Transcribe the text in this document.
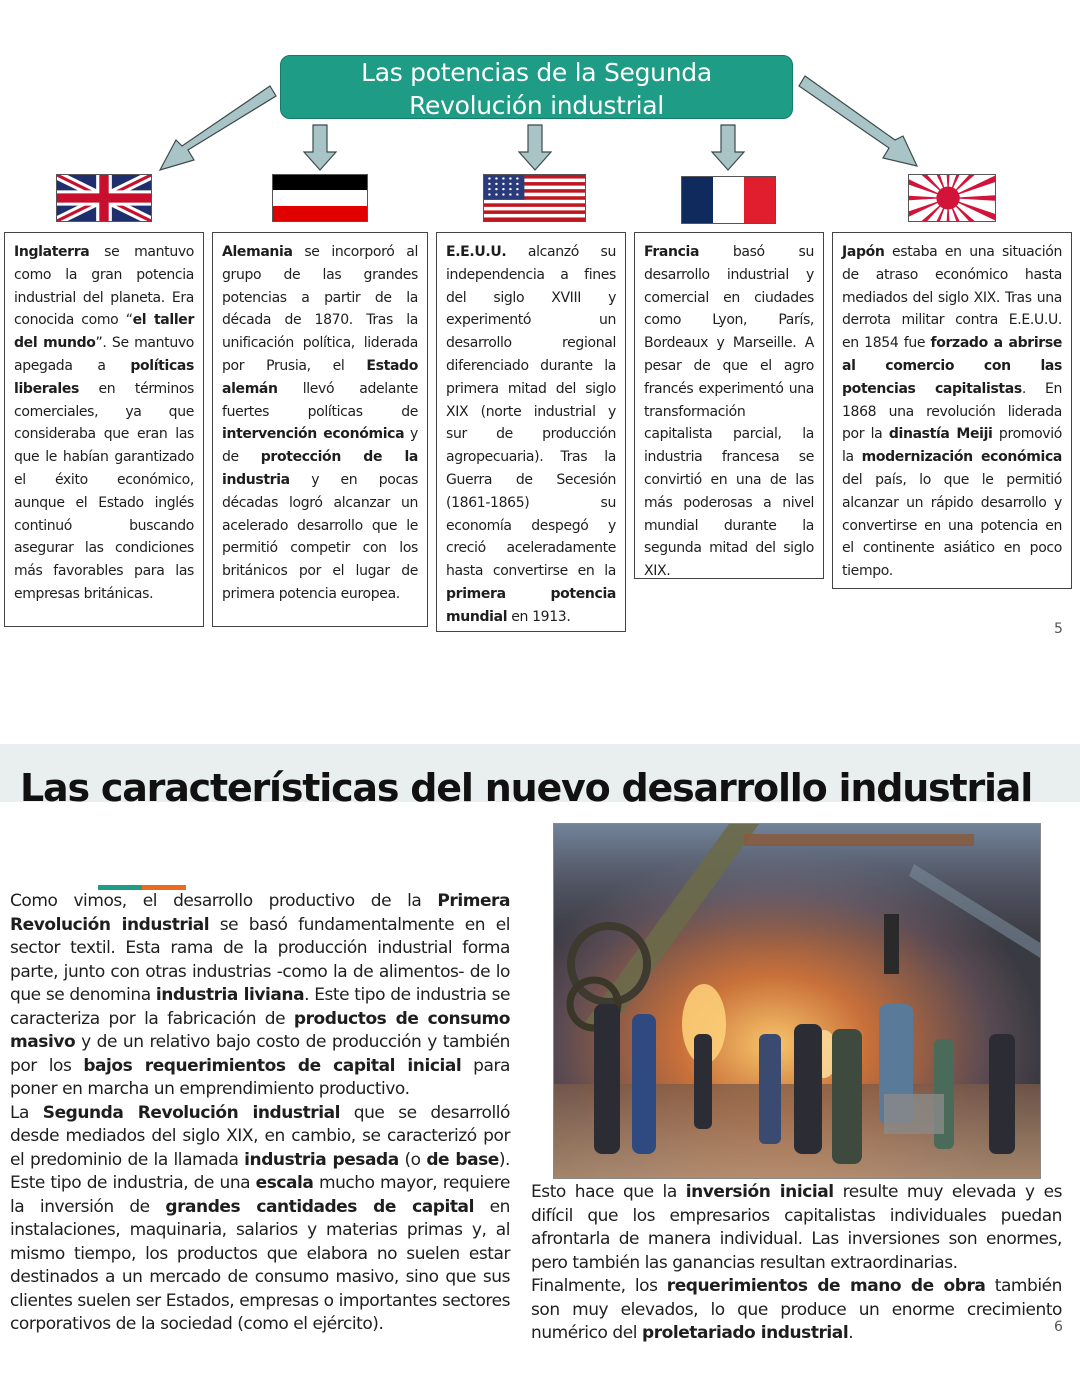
Las potencias de la Segunda
Revolución industrial
Inglaterra se mantuvo como la gran potencia industrial del planeta. Era conocida como “el taller del mundo”. Se mantuvo apegada a políticas liberales en términos comerciales, ya que consideraba que eran las que le habían garantizado el éxito económico, aunque el Estado inglés continuó buscando asegurar las condiciones más favorables para las empresas británicas.
Alemania se incorporó al grupo de las grandes potencias a partir de la década de 1870. Tras la unificación política, liderada por Prusia, el Estado alemán llevó adelante fuertes políticas de intervención económica y de protección de la industria y en pocas décadas logró alcanzar un acelerado desarrollo que le permitió competir con los británicos por el lugar de primera potencia europea.
E.E.U.U. alcanzó su independencia a fines del siglo XVIII y experimentó un desarrollo regional diferenciado durante la primera mitad del siglo XIX (norte industrial y sur de producción agropecuaria). Tras la Guerra de Secesión (1861-1865) su economía despegó y creció aceleradamente hasta convertirse en la primera potencia mundial en 1913.
Francia basó su desarrollo industrial y comercial en ciudades como Lyon, París, Bordeaux y Marseille. A pesar de que el agro francés experimentó una transformación capitalista parcial, la industria francesa se convirtió en una de las más poderosas a nivel mundial durante la segunda mitad del siglo XIX.
Japón estaba en una situación de atraso económico hasta mediados del siglo XIX. Tras una derrota militar contra E.E.U.U. en 1854 fue forzado a abrirse al comercio con las potencias capitalistas. En 1868 una revolución liderada por la dinastía Meiji promovió la modernización económica del país, lo que le permitió alcanzar un rápido desarrollo y convertirse en una potencia en el continente asiático en poco tiempo.
5
Las características del nuevo desarrollo industrial

Como vimos, el desarrollo productivo de la Primera Revolución industrial se basó fundamentalmente en el sector textil. Esta rama de la producción industrial forma parte, junto con otras industrias -como la de alimentos- de lo que se denomina industria liviana. Este tipo de industria se caracteriza por la fabricación de productos de consumo masivo y de un relativo bajo costo de producción y también por los bajos requerimientos de capital inicial para poner en marcha un emprendimiento productivo.

La Segunda Revolución industrial que se desarrolló desde mediados del siglo XIX, en cambio, se caracterizó por el predominio de la llamada industria pesada (o de base). Este tipo de industria, de una escala mucho mayor, requiere la inversión de grandes cantidades de capital en instalaciones, maquinaria, salarios y materias primas y, al mismo tiempo, los productos que elabora no suelen estar destinados a un mercado de consumo masivo, sino que sus clientes suelen ser Estados, empresas o importantes sectores corporativos de la sociedad (como el ejército).

Esto hace que la inversión inicial resulte muy elevada y es difícil que los empresarios capitalistas individuales puedan afrontarla de manera individual. Las inversiones son enormes, pero también las ganancias resultan extraordinarias.

Finalmente, los requerimientos de mano de obra también son muy elevados, lo que produce un enorme crecimiento numérico del proletariado industrial.	6
